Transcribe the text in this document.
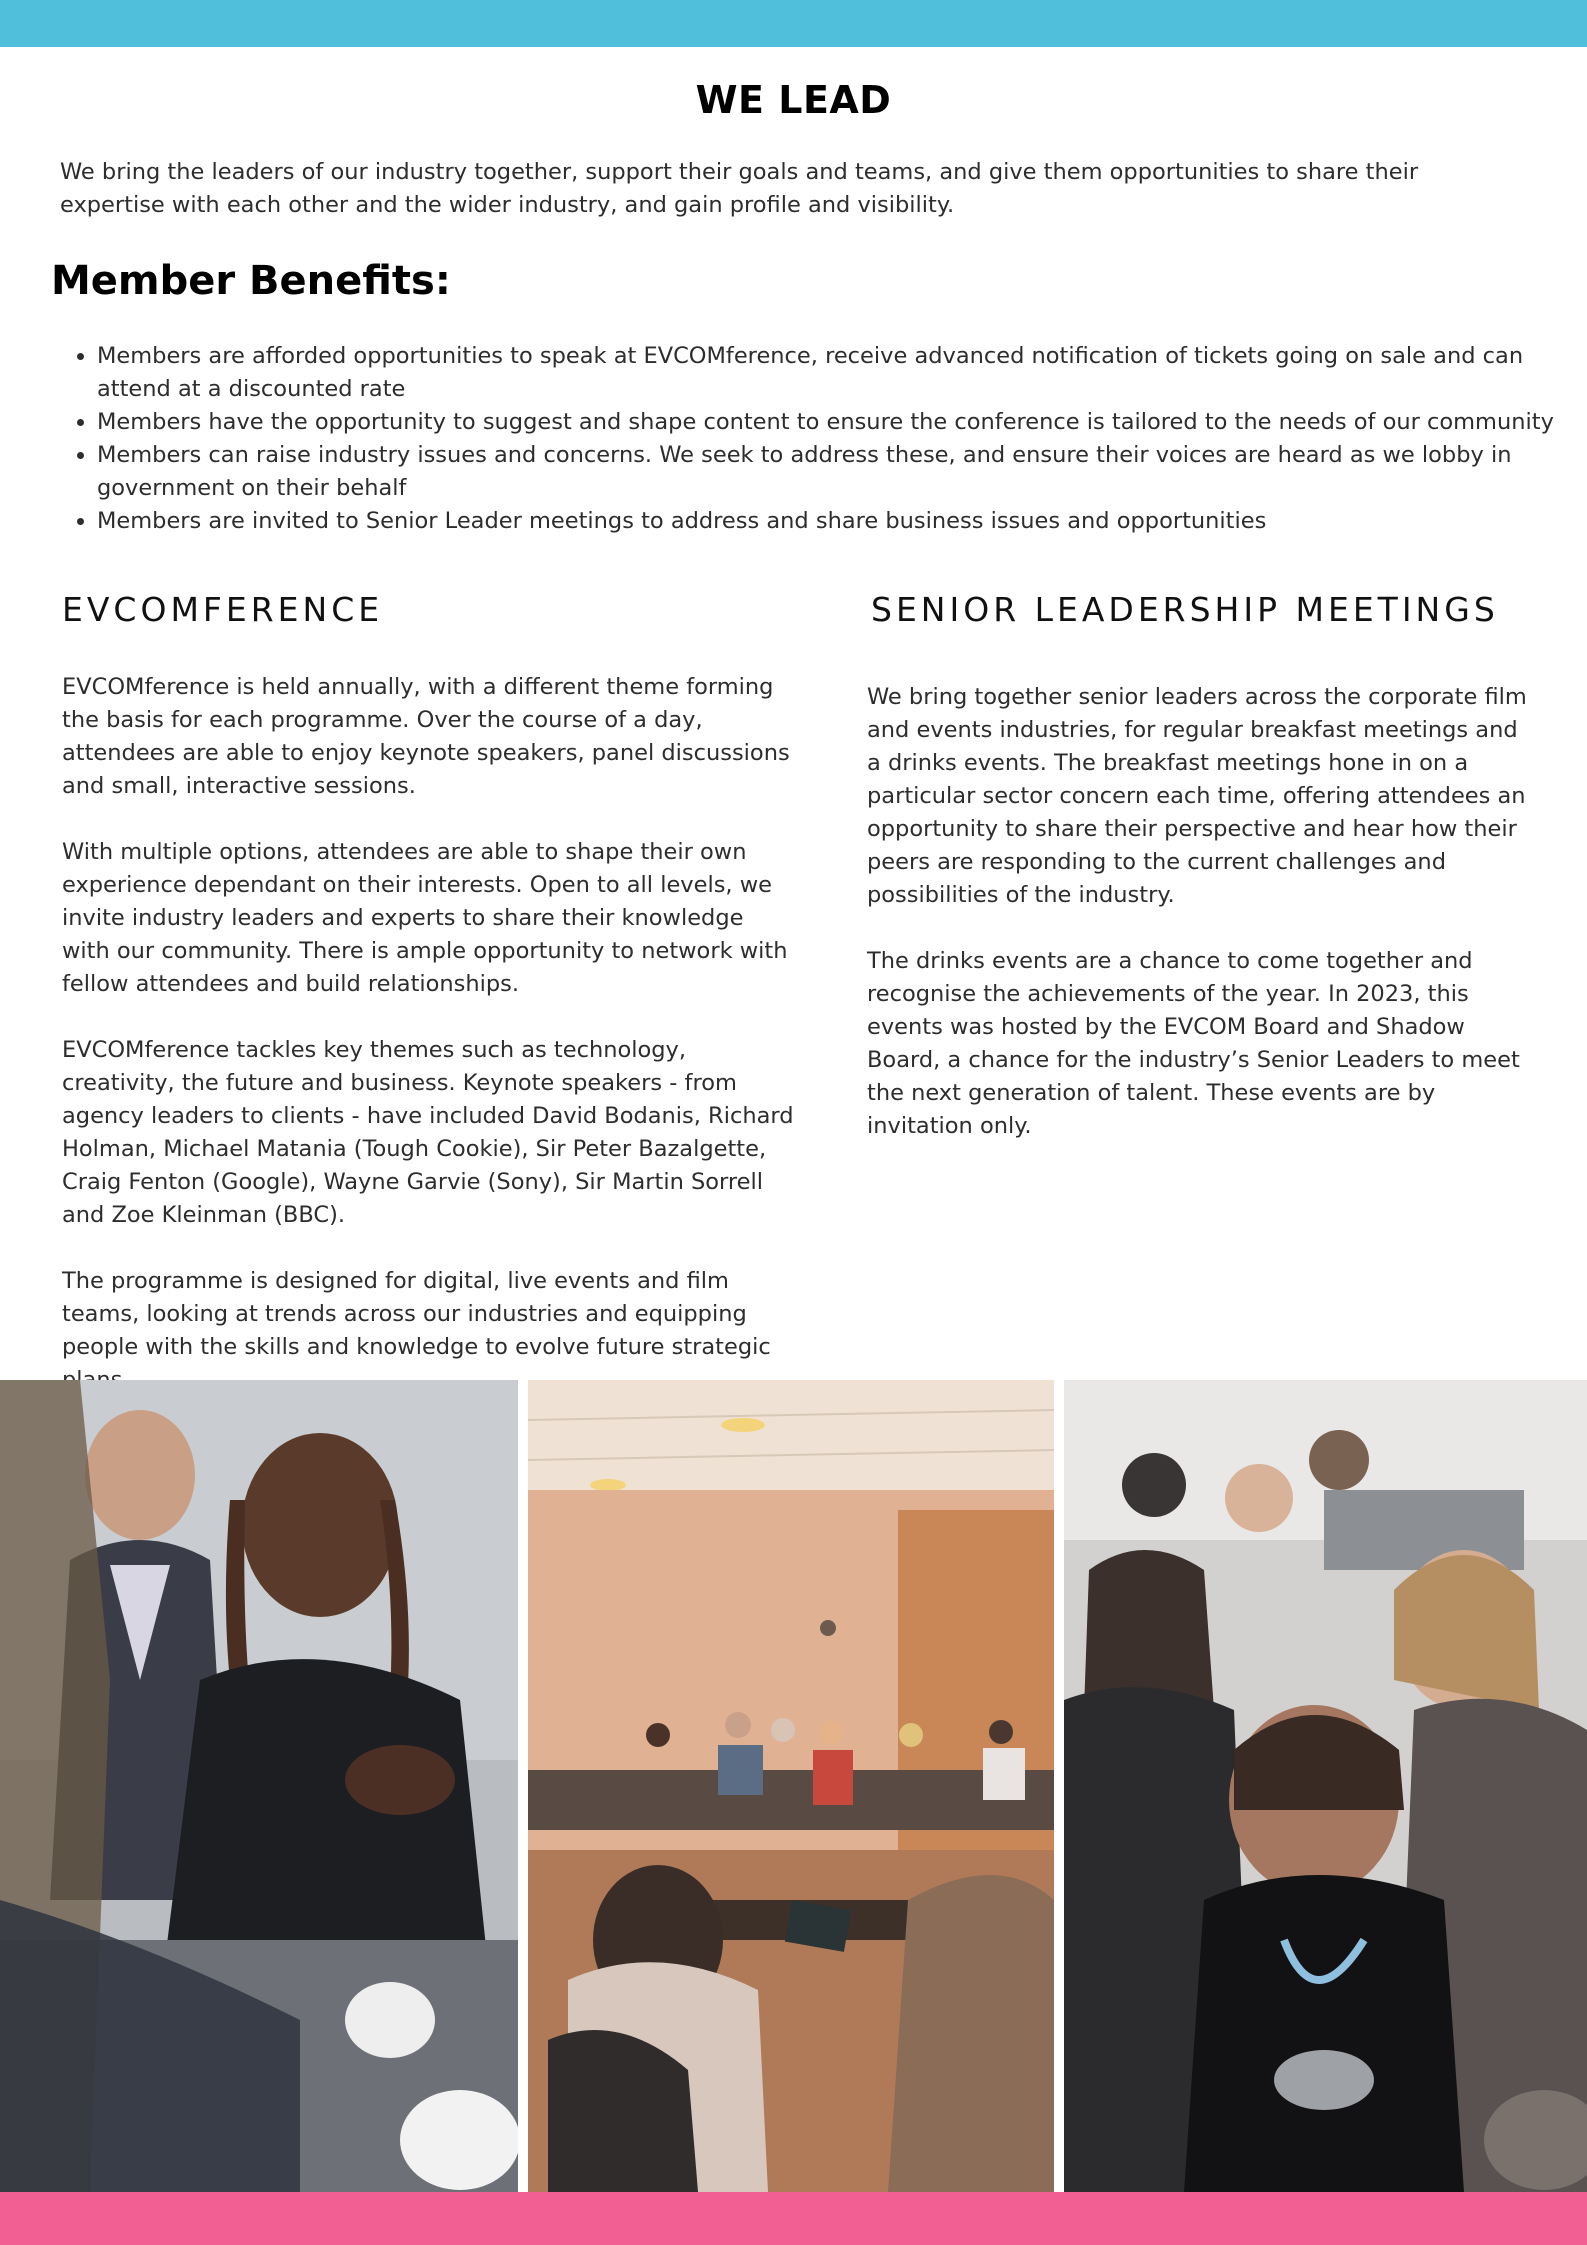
WE LEAD

We bring the leaders of our industry together, support their goals and teams, and give them opportunities to share their expertise with each other and the wider industry, and gain profile and visibility.

Member Benefits:
• Members are afforded opportunities to speak at EVCOMference, receive advanced notification of tickets going on sale and can attend at a discounted rate
• Members have the opportunity to suggest and shape content to ensure the conference is tailored to the needs of our community
• Members can raise industry issues and concerns. We seek to address these, and ensure their voices are heard as we lobby in government on their behalf
• Members are invited to Senior Leader meetings to address and share business issues and opportunities
EVCOMFERENCE

EVCOMference is held annually, with a different theme forming the basis for each programme. Over the course of a day, attendees are able to enjoy keynote speakers, panel discussions and small, interactive sessions.

With multiple options, attendees are able to shape their own experience dependant on their interests. Open to all levels, we invite industry leaders and experts to share their knowledge with our community. There is ample opportunity to network with fellow attendees and build relationships.

EVCOMference tackles key themes such as technology, creativity, the future and business. Keynote speakers - from agency leaders to clients - have included David Bodanis, Richard Holman, Michael Matania (Tough Cookie), Sir Peter Bazalgette, Craig Fenton (Google), Wayne Garvie (Sony), Sir Martin Sorrell and Zoe Kleinman (BBC).

The programme is designed for digital, live events and film teams, looking at trends across our industries and equipping people with the skills and knowledge to evolve future strategic

SENIOR LEADERSHIP MEETINGS

We bring together senior leaders across the corporate film and events industries, for regular breakfast meetings and a drinks events. The breakfast meetings hone in on a particular sector concern each time, offering attendees an opportunity to share their perspective and hear how their peers are responding to the current challenges and possibilities of the industry.

The drinks events are a chance to come together and recognise the achievements of the year. In 2023, this events was hosted by the EVCOM Board and Shadow Board, a chance for the industry’s Senior Leaders to meet the next generation of talent. These events are by invitation only.
